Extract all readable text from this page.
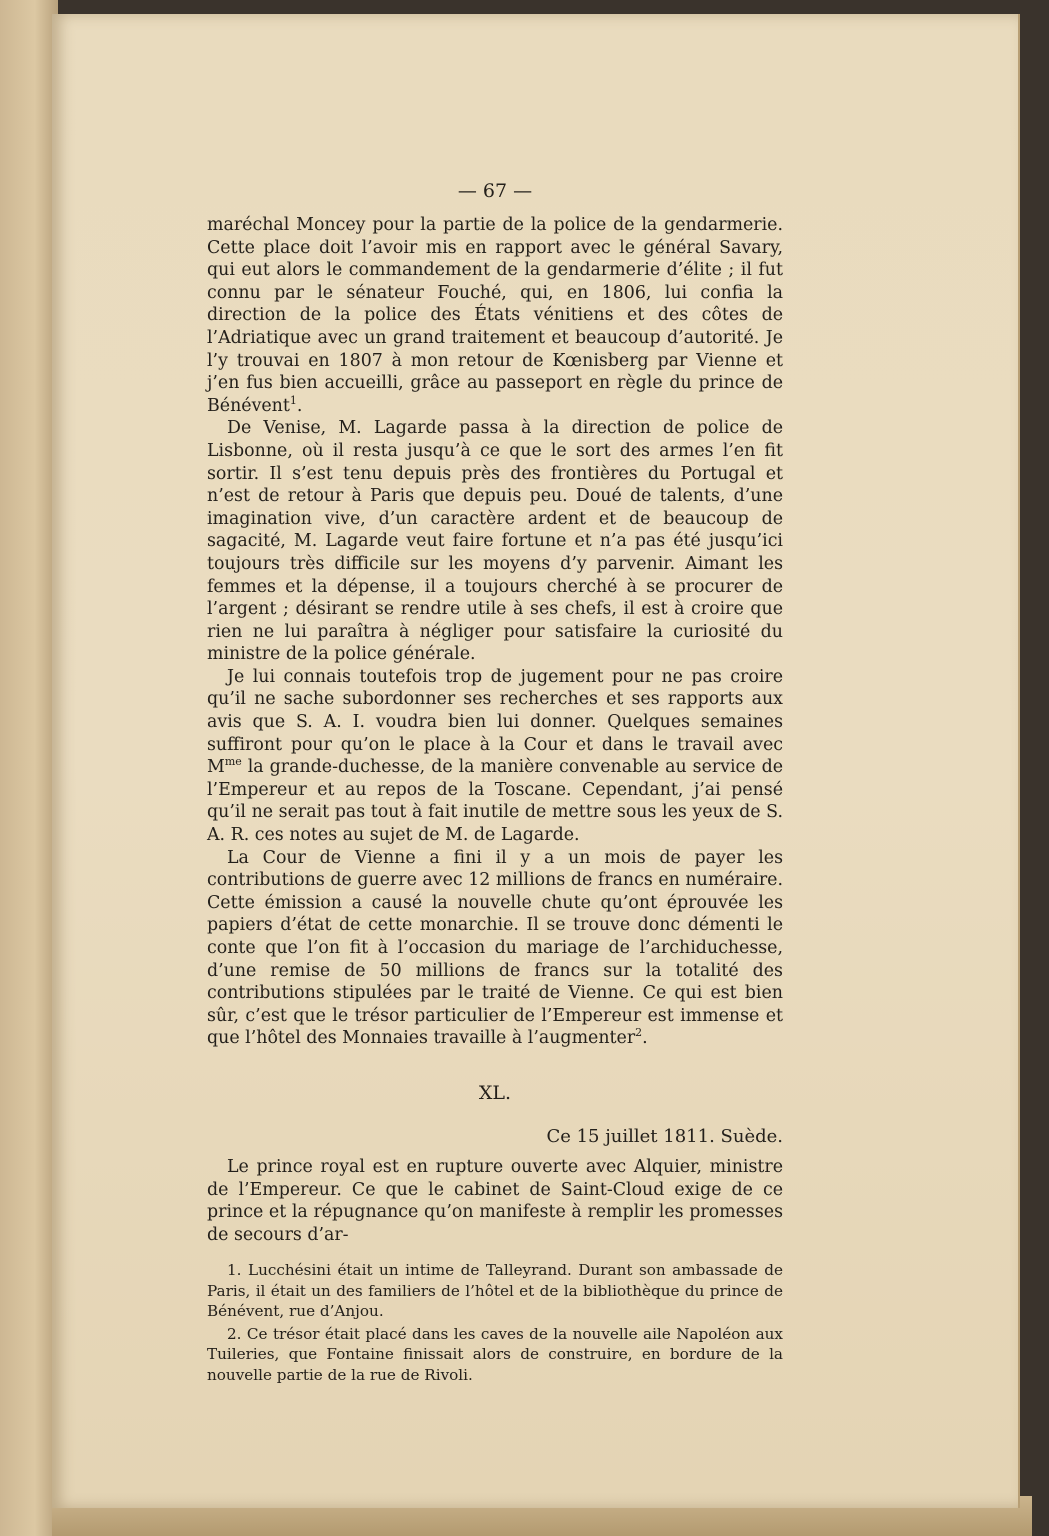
— 67 —

maréchal Moncey pour la partie de la police de la gendarmerie. Cette place doit l’avoir mis en rapport avec le général Savary, qui eut alors le commandement de la gendarmerie d’élite ; il fut connu par le sénateur Fouché, qui, en 1806, lui confia la direction de la police des États vénitiens et des côtes de l’Adriatique avec un grand traitement et beaucoup d’autorité. Je l’y trouvai en 1807 à mon retour de Kœnisberg par Vienne et j’en fus bien accueilli, grâce au passeport en règle du prince de Bénévent$^1$.

De Venise, M. Lagarde passa à la direction de police de Lisbonne, où il resta jusqu’à ce que le sort des armes l’en fit sortir. Il s’est tenu depuis près des frontières du Portugal et n’est de retour à Paris que depuis peu. Doué de talents, d’une imagination vive, d’un caractère ardent et de beaucoup de sagacité, M. Lagarde veut faire fortune et n’a pas été jusqu’ici toujours très difficile sur les moyens d’y parvenir. Aimant les femmes et la dépense, il a toujours cherché à se procurer de l’argent ; désirant se rendre utile à ses chefs, il est à croire que rien ne lui paraîtra à négliger pour satisfaire la curiosité du ministre de la police générale.

Je lui connais toutefois trop de jugement pour ne pas croire qu’il ne sache subordonner ses recherches et ses rapports aux avis que S. A. I. voudra bien lui donner. Quelques semaines suffiront pour qu’on le place à la Cour et dans le travail avec $M^{me}$ la grande-duchesse, de la manière convenable au service de l’Empereur et au repos de la Toscane. Cependant, j’ai pensé qu’il ne serait pas tout à fait inutile de mettre sous les yeux de S. A. R. ces notes au sujet de M. de Lagarde.

La Cour de Vienne a fini il y a un mois de payer les contributions de guerre avec 12 millions de francs en numéraire. Cette émission a causé la nouvelle chute qu’ont éprouvée les papiers d’état de cette monarchie. Il se trouve donc démenti le conte que l’on fit à l’occasion du mariage de l’archiduchesse, d’une remise de 50 millions de francs sur la totalité des contributions stipulées par le traité de Vienne. Ce qui est bien sûr, c’est que le trésor particulier de l’Empereur est immense et que l’hôtel des Monnaies travaille à l’augmenter$^2$.

XL.
Ce 15 juillet 1811. Suède.

Le prince royal est en rupture ouverte avec Alquier, ministre de l’Empereur. Ce que le cabinet de Saint-Cloud exige de ce prince et la répugnance qu’on manifeste à remplir les promesses de secours d’ar-

1. Lucchésini était un intime de Talleyrand. Durant son ambassade de Paris, il était un des familiers de l’hôtel et de la bibliothèque du prince de Bénévent, rue d’Anjou.

2. Ce trésor était placé dans les caves de la nouvelle aile Napoléon aux Tuileries, que Fontaine finissait alors de construire, en bordure de la nouvelle partie de la rue de Rivoli.
